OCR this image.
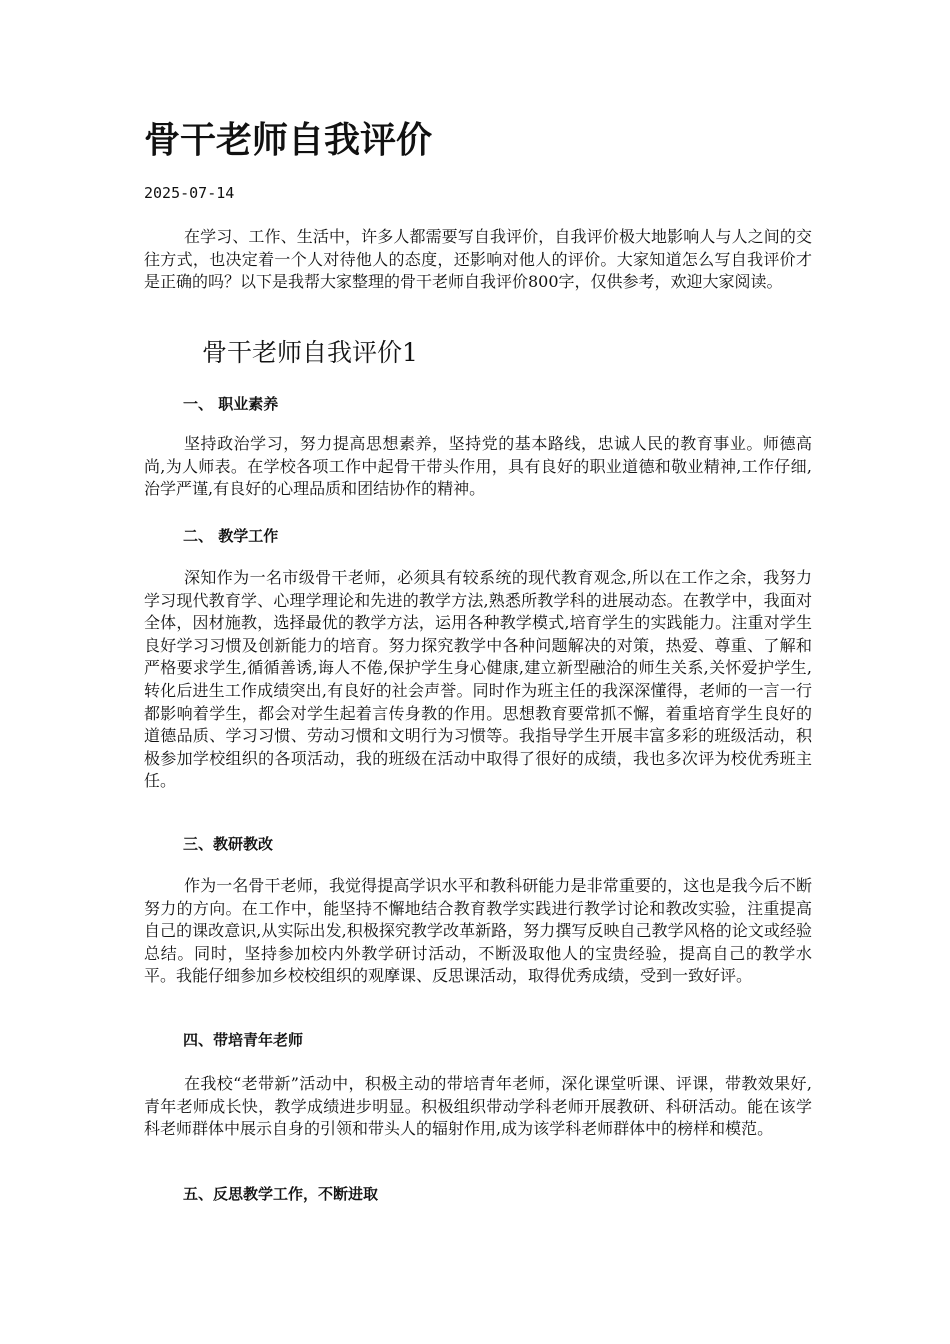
骨干老师自我评价
2025-07-14

在学习、工作、生活中，许多人都需要写自我评价，自我评价极大地影响人与人之间的交往方式，也决定着一个人对待他人的态度，还影响对他人的评价。大家知道怎么写自我评价才是正确的吗？以下是我帮大家整理的骨干老师自我评价800字，仅供参考，欢迎大家阅读。

骨干老师自我评价1
一、 职业素养

坚持政治学习，努力提高思想素养，坚持党的基本路线，忠诚人民的教育事业。师德高尚,为人师表。在学校各项工作中起骨干带头作用，具有良好的职业道德和敬业精神,工作仔细,治学严谨,有良好的心理品质和团结协作的精神。

二、 教学工作

深知作为一名市级骨干老师，必须具有较系统的现代教育观念,所以在工作之余，我努力学习现代教育学、心理学理论和先进的教学方法,熟悉所教学科的进展动态。在教学中，我面对全体，因材施教，选择最优的教学方法，运用各种教学模式,培育学生的实践能力。注重对学生良好学习习惯及创新能力的培育。努力探究教学中各种问题解决的对策，热爱、尊重、了解和严格要求学生,循循善诱,诲人不倦,保护学生身心健康,建立新型融洽的师生关系,关怀爱护学生,转化后进生工作成绩突出,有良好的社会声誉。同时作为班主任的我深深懂得，老师的一言一行都影响着学生，都会对学生起着言传身教的作用。思想教育要常抓不懈，着重培育学生良好的道德品质、学习习惯、劳动习惯和文明行为习惯等。我指导学生开展丰富多彩的班级活动，积极参加学校组织的各项活动，我的班级在活动中取得了很好的成绩，我也多次评为校优秀班主任。

三、教研教改

作为一名骨干老师，我觉得提高学识水平和教科研能力是非常重要的，这也是我今后不断努力的方向。在工作中，能坚持不懈地结合教育教学实践进行教学讨论和教改实验，注重提高自己的课改意识,从实际出发,积极探究教学改革新路，努力撰写反映自己教学风格的论文或经验总结。同时，坚持参加校内外教学研讨活动，不断汲取他人的宝贵经验，提高自己的教学水平。我能仔细参加乡校校组织的观摩课、反思课活动，取得优秀成绩，受到一致好评。

四、带培青年老师

在我校“老带新”活动中，积极主动的带培青年老师，深化课堂听课、评课，带教效果好,青年老师成长快，教学成绩进步明显。积极组织带动学科老师开展教研、科研活动。能在该学科老师群体中展示自身的引领和带头人的辐射作用,成为该学科老师群体中的榜样和模范。

五、反思教学工作，不断进取
